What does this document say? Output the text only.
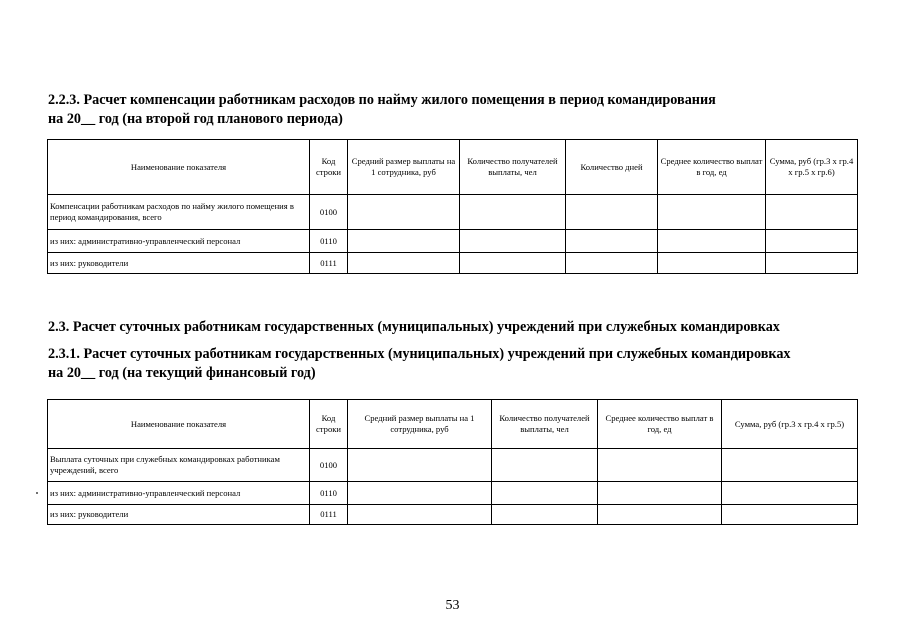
2.2.3. Расчет компенсации работникам расходов по найму жилого помещения в период командирования
на 20__ год (на второй год планового периода)
Наименование показателя	Код строки	Средний размер выплаты на 1 сотрудника, руб	Количество получателей выплаты, чел	Количество дней	Среднее количество выплат в год, ед	Сумма, руб (гр.3 х гр.4 х гр.5 х гр.6)
Компенсации работникам расходов по найму жилого помещения в период командирования, всего	0100					
из них: административно-управленческий персонал	0110					
из них: руководители	0111					
2.3. Расчет суточных работникам государственных (муниципальных) учреждений при служебных командировках
2.3.1. Расчет суточных работникам государственных (муниципальных) учреждений при служебных командировках
на 20__ год (на текущий финансовый год)
Наименование показателя	Код строки	Средний размер выплаты на 1 сотрудника, руб	Количество получателей выплаты, чел	Среднее количество выплат в год, ед	Сумма, руб (гр.3 х гр.4 х гр.5)
Выплата суточных при служебных командировках работникам учреждений, всего	0100				
из них: административно-управленческий персонал	0110				
из них: руководители	0111				
53
